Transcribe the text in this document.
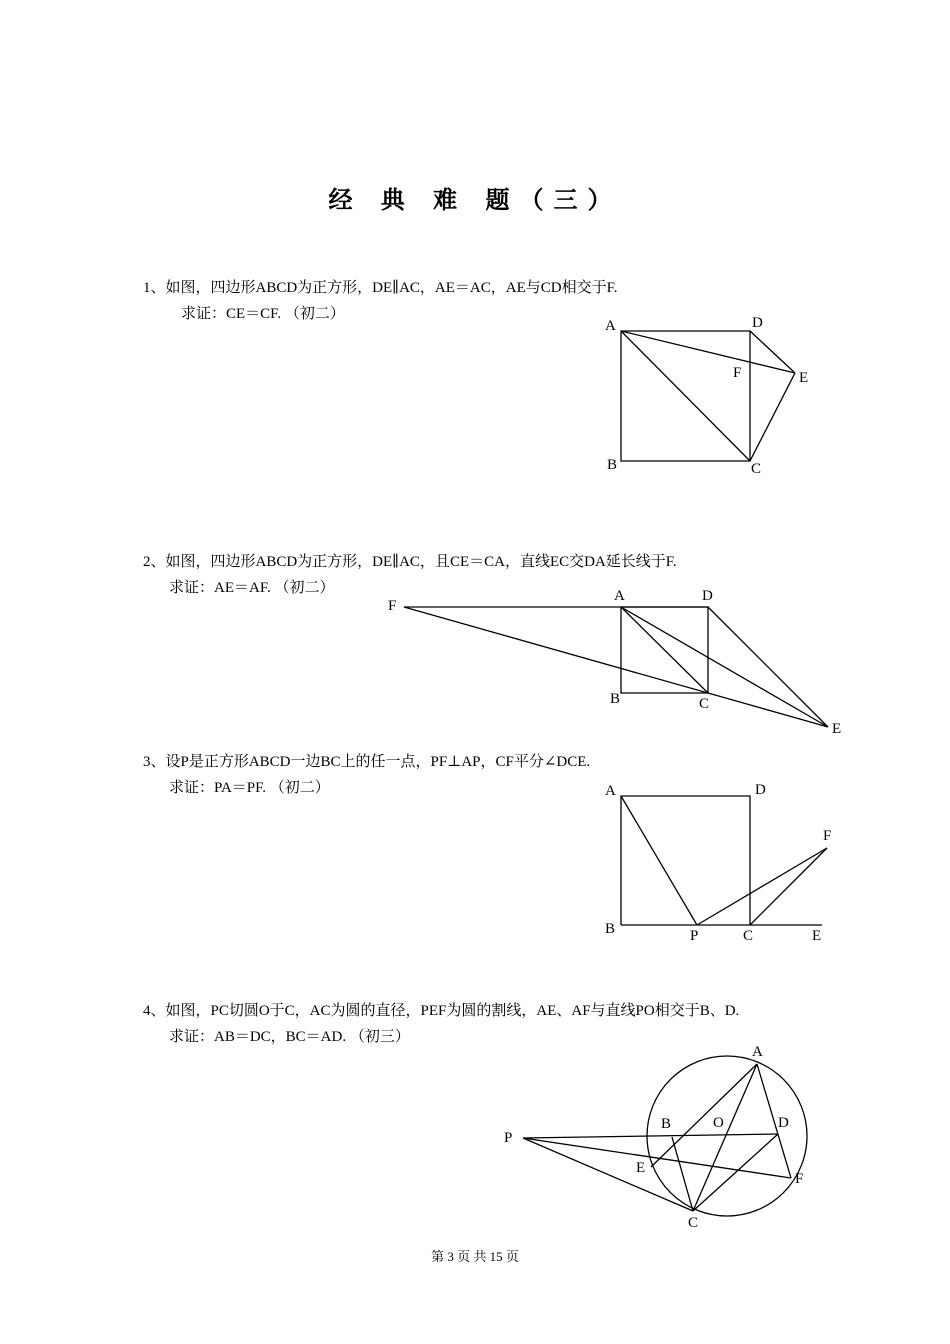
经 典 难 题（三）
1、如图，四边形ABCD为正方形，DE∥AC，AE＝AC，AE与CD相交于F.
求证：CE＝CF. （初二）
2、如图，四边形ABCD为正方形，DE∥AC，且CE＝CA，直线EC交DA延长线于F.
求证：AE＝AF. （初二）
3、设P是正方形ABCD一边BC上的任一点，PF⊥AP，CF平分∠DCE.
求证：PA＝PF. （初二）
4、如图，PC切圆O于C，AC为圆的直径，PEF为圆的割线，AE、AF与直线PO相交于B、D.
求证：AB＝DC，BC＝AD. （初三）
A	D
F	E
B	C
F
A	D
B	C
E
A	D
F
B	P	C	E
A
B	O	D
P
E
F
C
第 3 页 共 15 页
